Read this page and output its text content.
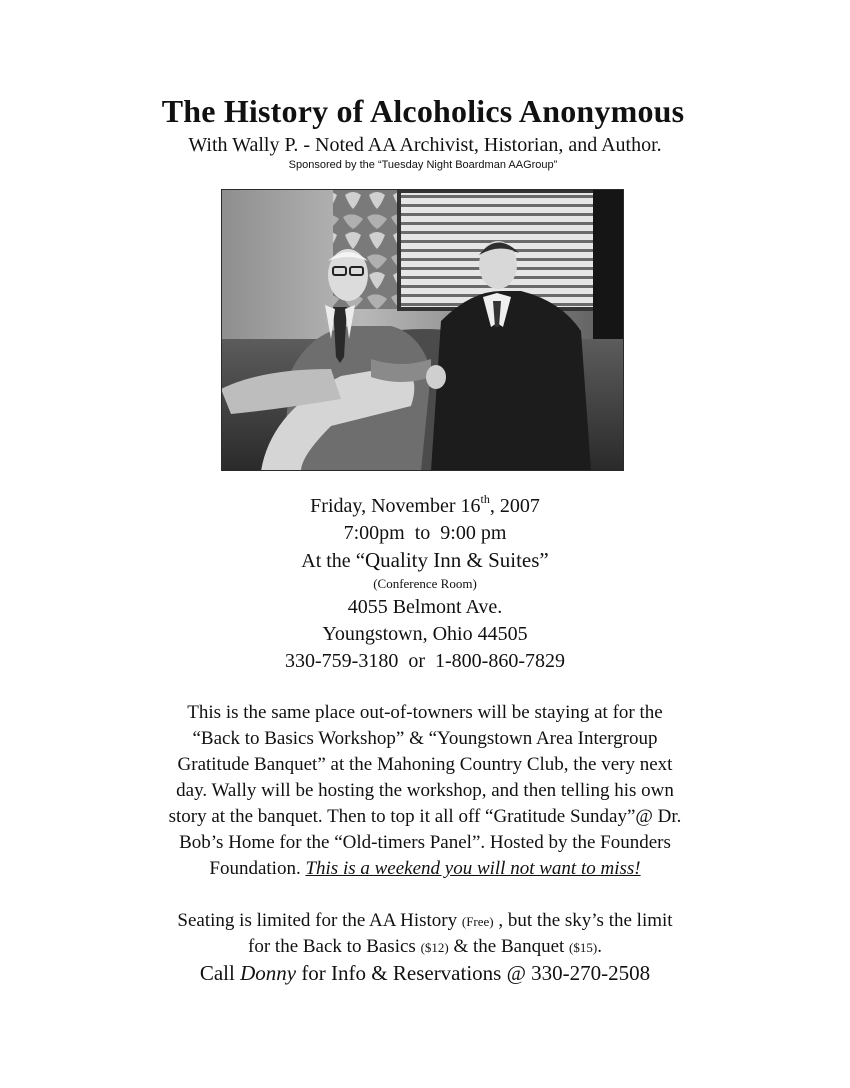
The History of Alcoholics Anonymous
With Wally P. - Noted AA Archivist, Historian, and Author.
Sponsored by the “Tuesday Night Boardman AAGroup”
Friday, November 16th, 2007
7:00pm  to  9:00 pm
At the “Quality Inn & Suites”
(Conference Room)
4055 Belmont Ave.
Youngstown, Ohio 44505
330-759-3180  or  1-800-860-7829
This is the same place out-of-towners will be staying at for the
“Back to Basics Workshop” & “Youngstown Area Intergroup
Gratitude Banquet” at the Mahoning Country Club, the very next
day. Wally will be hosting the workshop, and then telling his own
story at the banquet. Then to top it all off “Gratitude Sunday”@ Dr.
Bob’s Home for the “Old-timers Panel”. Hosted by the Founders
Foundation. This is a weekend you will not want to miss!
Seating is limited for the AA History (Free) , but the sky’s the limit
for the Back to Basics ($12) & the Banquet ($15).
Call Donny for Info & Reservations @ 330-270-2508
